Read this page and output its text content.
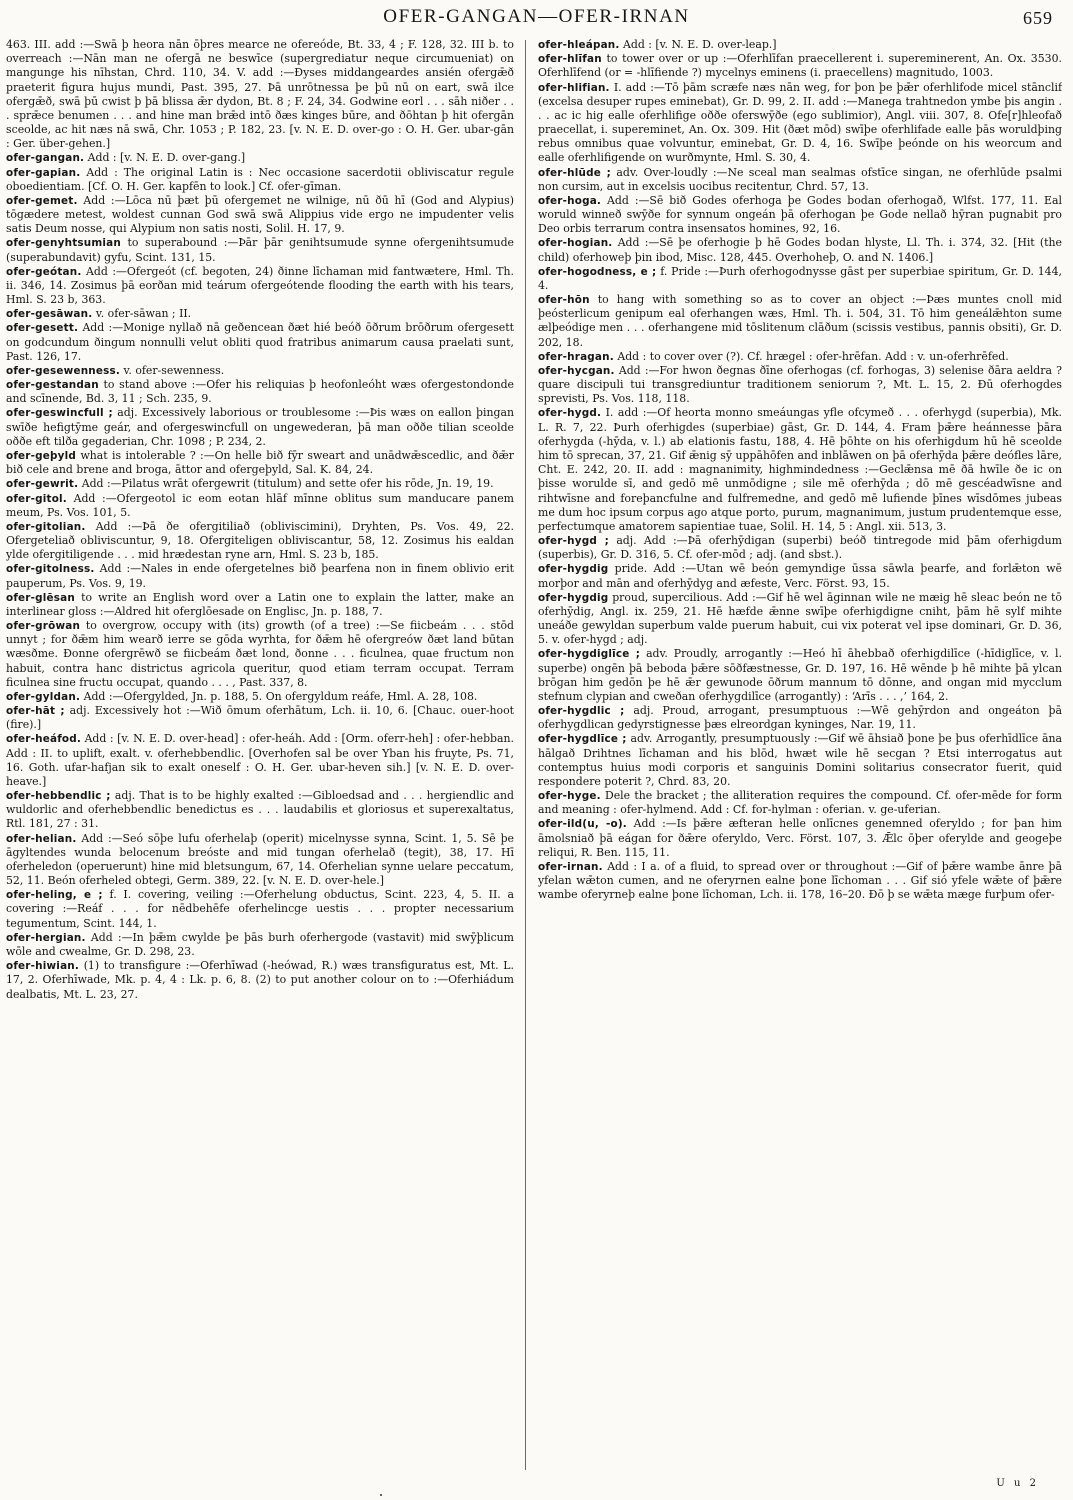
OFER-GANGAN—OFER-IRNAN	659

463. III. add :—Swā þ heora nān ōþres mearce ne ofereóde, Bt. 33, 4 ; F. 128, 32. III b. to overreach :—Nān man ne ofergā ne beswīce (supergrediatur neque circumueniat) on mangunge his nīhstan, Chrd. 110, 34. V. add :—Ðyses middangeardes ansién ofergǣð praeterit figura hujus mundi, Past. 395, 27. Þā unrōtnessa þe þū nū on eart, swā ilce ofergǣð, swā þū cwist þ þā blissa ǣr dydon, Bt. 8 ; F. 24, 34. Godwine eorl . . . sāh niðer . . . sprǣce benumen . . . and hine man brǣd intō ðæs kinges būre, and ðōhtan þ hit ofergān sceolde, ac hit næs nā swā, Chr. 1053 ; P. 182, 23. [v. N. E. D. over-go : O. H. Ger. ubar-gān : Ger. über-gehen.]

ofer-gangan. Add : [v. N. E. D. over-gang.]

ofer-gapian. Add : The original Latin is : Nec occasione sacerdotii obliviscatur regule oboedientiam. [Cf. O. H. Ger. kapfēn to look.] Cf. ofer-gīman.

ofer-gemet. Add :—Lōca nū þæt þū ofergemet ne wilnige, nū ðū hī (God and Alypius) tōgædere metest, woldest cunnan God swā swā Alippius vide ergo ne impudenter velis satis Deum nosse, qui Alypium non satis nosti, Solil. H. 17, 9.

ofer-genyhtsumian to superabound :—Þār þār genihtsumude synne ofergenihtsumude (superabundavit) gyfu, Scint. 131, 15.

ofer-geótan. Add :—Ofergeót (cf. begoten, 24) ðinne līchaman mid fantwætere, Hml. Th. ii. 346, 14. Zosimus þā eorðan mid teárum ofergeótende flooding the earth with his tears, Hml. S. 23 b, 363.

ofer-gesāwan. v. ofer-sāwan ; II.

ofer-gesett. Add :—Monige nyllað nā geðencean ðæt hié beóð ōðrum brōðrum ofergesett on godcundum ðingum nonnulli velut obliti quod fratribus animarum causa praelati sunt, Past. 126, 17.

ofer-gesewenness. v. ofer-sewenness.

ofer-gestandan to stand above :—Ofer his reliquias þ heofonleóht wæs ofergestondonde and scīnende, Bd. 3, 11 ; Sch. 235, 9.

ofer-geswincfull ; adj. Excessively laborious or troublesome :—Þis wæs on eallon þingan swīðe hefigtȳme geár, and ofergeswincfull on ungewederan, þā man oððe tilian sceolde oððe eft tilða gegaderian, Chr. 1098 ; P. 234, 2.

ofer-geþyld what is intolerable ? :—On helle bið fȳr sweart and unādwǣscedlic, and ðǣr bið cele and brene and broga, āttor and ofergeþyld, Sal. K. 84, 24.

ofer-gewrit. Add :—Pilatus wrāt ofergewrit (titulum) and sette ofer his rōde, Jn. 19, 19.

ofer-gitol. Add :—Ofergeotol ic eom eotan hlāf mīnne oblitus sum manducare panem meum, Ps. Vos. 101, 5.

ofer-gitolian. Add :—Þā ðe ofergitiliað (obliviscimini), Dryhten, Ps. Vos. 49, 22. Ofergeteliað obliviscuntur, 9, 18. Ofergiteligen obliviscantur, 58, 12. Zosimus his ealdan ylde ofergitiligende . . . mid hrædestan ryne arn, Hml. S. 23 b, 185.

ofer-gitolness. Add :—Nales in ende ofergetelnes bið þearfena non in finem oblivio erit pauperum, Ps. Vos. 9, 19.

ofer-glēsan to write an English word over a Latin one to explain the latter, make an interlinear gloss :—Aldred hit oferglōesade on Englisc, Jn. p. 188, 7.

ofer-grōwan to overgrow, occupy with (its) growth (of a tree) :—Se fiicbeám . . . stōd unnyt ; for ðǣm him wearð ierre se gōda wyrhta, for ðǣm hē ofergreów ðæt land būtan wæsðme. Ðonne ofergrēwð se fiicbeám ðæt lond, ðonne . . . ficulnea, quae fructum non habuit, contra hanc districtus agricola queritur, quod etiam terram occupat. Terram ficulnea sine fructu occupat, quando . . . , Past. 337, 8.

ofer-gyldan. Add :—Ofergylded, Jn. p. 188, 5. On ofergyldum reáfe, Hml. A. 28, 108.

ofer-hāt ; adj. Excessively hot :—Wið ōmum oferhātum, Lch. ii. 10, 6. [Chauc. ouer-hoot (fire).]

ofer-heáfod. Add : [v. N. E. D. over-head] : ofer-heáh. Add : [Orm. oferr-heh] : ofer-hebban. Add : II. to uplift, exalt. v. oferhebbendlic. [Overhofen sal be over Yban his fruyte, Ps. 71, 16. Goth. ufar-hafjan sik to exalt oneself : O. H. Ger. ubar-heven sih.] [v. N. E. D. over-heave.]

ofer-hebbendlic ; adj. That is to be highly exalted :—Gibloedsad and . . . hergiendlic and wuldorlic and oferhebbendlic benedictus es . . . laudabilis et gloriosus et superexaltatus, Rtl. 181, 27 : 31.

ofer-helian. Add :—Seó sōþe lufu oferhelaþ (operit) micelnysse synna, Scint. 1, 5. Sē þe āgyltendes wunda belocenum breóste and mid tungan oferhelað (tegit), 38, 17. Hī oferheledon (operuerunt) hine mid bletsungum, 67, 14. Oferhelian synne uelare peccatum, 52, 11. Beón oferheled obtegi, Germ. 389, 22. [v. N. E. D. over-hele.]

ofer-heling, e ; f. I. covering, veiling :—Oferhelung obductus, Scint. 223, 4, 5. II. a covering :—Reáf . . . for nēdbehēfe oferhelincge uestis . . . propter necessarium tegumentum, Scint. 144, 1.

ofer-hergian. Add :—In þǣm cwylde þe þās burh oferhergode (vastavit) mid swȳþlicum wōle and cwealme, Gr. D. 298, 23.

ofer-hiwian. (1) to transfigure :—Oferhīwad (-heówad, R.) wæs transfiguratus est, Mt. L. 17, 2. Oferhīwade, Mk. p. 4, 4 : Lk. p. 6, 8. (2) to put another colour on to :—Oferhiádum dealbatis, Mt. L. 23, 27.

ofer-hleápan. Add : [v. N. E. D. over-leap.]

ofer-hlīfan to tower over or up :—Oferhlīfan praecellerent i. supereminerent, An. Ox. 3530. Oferhlīfend (or = -hlīfiende ?) mycelnys eminens (i. praecellens) magnitudo, 1003.

ofer-hlifian. I. add :—Tō þām scræfe næs nān weg, for þon þe þǣr oferhlifode micel stānclif (excelsa desuper rupes eminebat), Gr. D. 99, 2. II. add :—Manega trahtnedon ymbe þis angin . . . ac ic hig ealle oferhlifige oððe oferswȳðe (ego sublimior), Angl. viii. 307, 8. Ofe[r]hleofað praecellat, i. supereminet, An. Ox. 309. Hit (ðæt mōd) swīþe oferhlifade ealle þās woruldþing rebus omnibus quae volvuntur, eminebat, Gr. D. 4, 16. Swīþe þeónde on his weorcum and ealle oferhlifigende on wurðmynte, Hml. S. 30, 4.

ofer-hlūde ; adv. Over-loudly :—Ne sceal man sealmas ofstīce singan, ne oferhlūde psalmi non cursim, aut in excelsis uocibus recitentur, Chrd. 57, 13.

ofer-hoga. Add :—Sē bið Godes oferhoga þe Godes bodan oferhogað, Wlfst. 177, 11. Eal woruld winneð swȳðe for synnum ongeán þā oferhogan þe Gode nellað hȳran pugnabit pro Deo orbis terrarum contra insensatos homines, 92, 16.

ofer-hogian. Add :—Sē þe oferhogie þ hē Godes bodan hlyste, Ll. Th. i. 374, 32. [Hit (the child) oferhoweþ þin ibod, Misc. 128, 445. Overhoheþ, O. and N. 1406.]

ofer-hogodness, e ; f. Pride :—Þurh oferhogodnysse gāst per superbiae spiritum, Gr. D. 144, 4.

ofer-hōn to hang with something so as to cover an object :—Þæs muntes cnoll mid þeósterlicum genipum eal oferhangen wæs, Hml. Th. i. 504, 31. Tō him geneálǣhton sume ælþeódige men . . . oferhangene mid tōslitenum clāðum (scissis vestibus, pannis obsiti), Gr. D. 202, 18.

ofer-hragan. Add : to cover over (?). Cf. hrægel : ofer-hrēfan. Add : v. un-oferhrēfed.

ofer-hycgan. Add :—For hwon ðegnas ðīne oferhogas (cf. forhogas, 3) selenise ðāra aeldra ? quare discipuli tui transgrediuntur traditionem seniorum ?, Mt. L. 15, 2. Ðū oferhogdes sprevisti, Ps. Vos. 118, 118.

ofer-hygd. I. add :—Of heorta monno smeáungas yfle ofcymeð . . . oferhygd (superbia), Mk. L. R. 7, 22. Þurh oferhigdes (superbiae) gāst, Gr. D. 144, 4. Fram þǣre heánnesse þāra oferhygda (-hȳda, v. l.) ab elationis fastu, 188, 4. Hē þōhte on his oferhigdum hū hē sceolde him tō sprecan, 37, 21. Gif ǣnig sȳ uppāhōfen and inblāwen on þā oferhȳda þǣre deófles lāre, Cht. E. 242, 20. II. add : magnanimity, highmindedness :—Geclǣnsa mē ðā hwīle ðe ic on þisse worulde sī, and gedō mē unmōdigne ; sile mē oferhȳda ; dō mē gescéadwīsne and rihtwīsne and foreþancfulne and fulfremedne, and gedō mē lufiende þīnes wīsdōmes jubeas me dum hoc ipsum corpus ago atque porto, purum, magnanimum, justum prudentemque esse, perfectumque amatorem sapientiae tuae, Solil. H. 14, 5 : Angl. xii. 513, 3.

ofer-hygd ; adj. Add :—Þā oferhȳdigan (superbi) beóð tintregode mid þām oferhigdum (superbis), Gr. D. 316, 5. Cf. ofer-mōd ; adj. (and sbst.).

ofer-hygdig pride. Add :—Utan wē beón gemyndige ūssa sāwla þearfe, and forlǣton wē morþor and mān and oferhȳdyg and æfeste, Verc. Först. 93, 15.

ofer-hygdig proud, supercilious. Add :—Gif hē wel āginnan wile ne mæig hē sleac beón ne tō oferhȳdig, Angl. ix. 259, 21. Hē hæfde ǣnne swīþe oferhigdigne cniht, þām hē sylf mihte uneáðe gewyldan superbum valde puerum habuit, cui vix poterat vel ipse dominari, Gr. D. 36, 5. v. ofer-hygd ; adj.

ofer-hygdiglīce ; adv. Proudly, arrogantly :—Heó hī āhebbað oferhigdilīce (-hīdiglīce, v. l. superbe) ongēn þā beboda þǣre sōðfæstnesse, Gr. D. 197, 16. Hē wēnde þ hē mihte þā ylcan brōgan him gedōn þe hē ǣr gewunode ōðrum mannum tō dōnne, and ongan mid mycclum stefnum clypian and cweðan oferhygdilīce (arrogantly) : ‘Arīs . . . ,’ 164, 2.

ofer-hygdlic ; adj. Proud, arrogant, presumptuous :—Wē gehȳrdon and ongeáton þā oferhygdlican gedyrstignesse þæs elreordgan kyninges, Nar. 19, 11.

ofer-hygdlīce ; adv. Arrogantly, presumptuously :—Gif wē āhsiað þone þe þus oferhīdlīce āna hālgað Drihtnes līchaman and his blōd, hwæt wile hē secgan ? Etsi interrogatus aut contemptus huius modi corporis et sanguinis Domini solitarius consecrator fuerit, quid respondere poterit ?, Chrd. 83, 20.

ofer-hyge. Dele the bracket ; the alliteration requires the compound. Cf. ofer-mēde for form and meaning : ofer-hylmend. Add : Cf. for-hylman : oferian. v. ge-uferian.

ofer-ild(u, -o). Add :—Is þǣre æfteran helle onlīcnes genemned oferyldo ; for þan him āmolsniað þā eágan for ðǣre oferyldo, Verc. Först. 107, 3. Ǣlc ōþer oferylde and geogeþe reliqui, R. Ben. 115, 11.

ofer-irnan. Add : I a. of a fluid, to spread over or throughout :—Gif of þǣre wambe ānre þā yfelan wǣton cumen, and ne oferyrnen ealne þone līchoman . . . Gif sió yfele wǣte of þǣre wambe oferyrneþ ealne þone līchoman, Lch. ii. 178, 16–20. Ðō þ se wǣta mæge furþum ofer-

U u 2
